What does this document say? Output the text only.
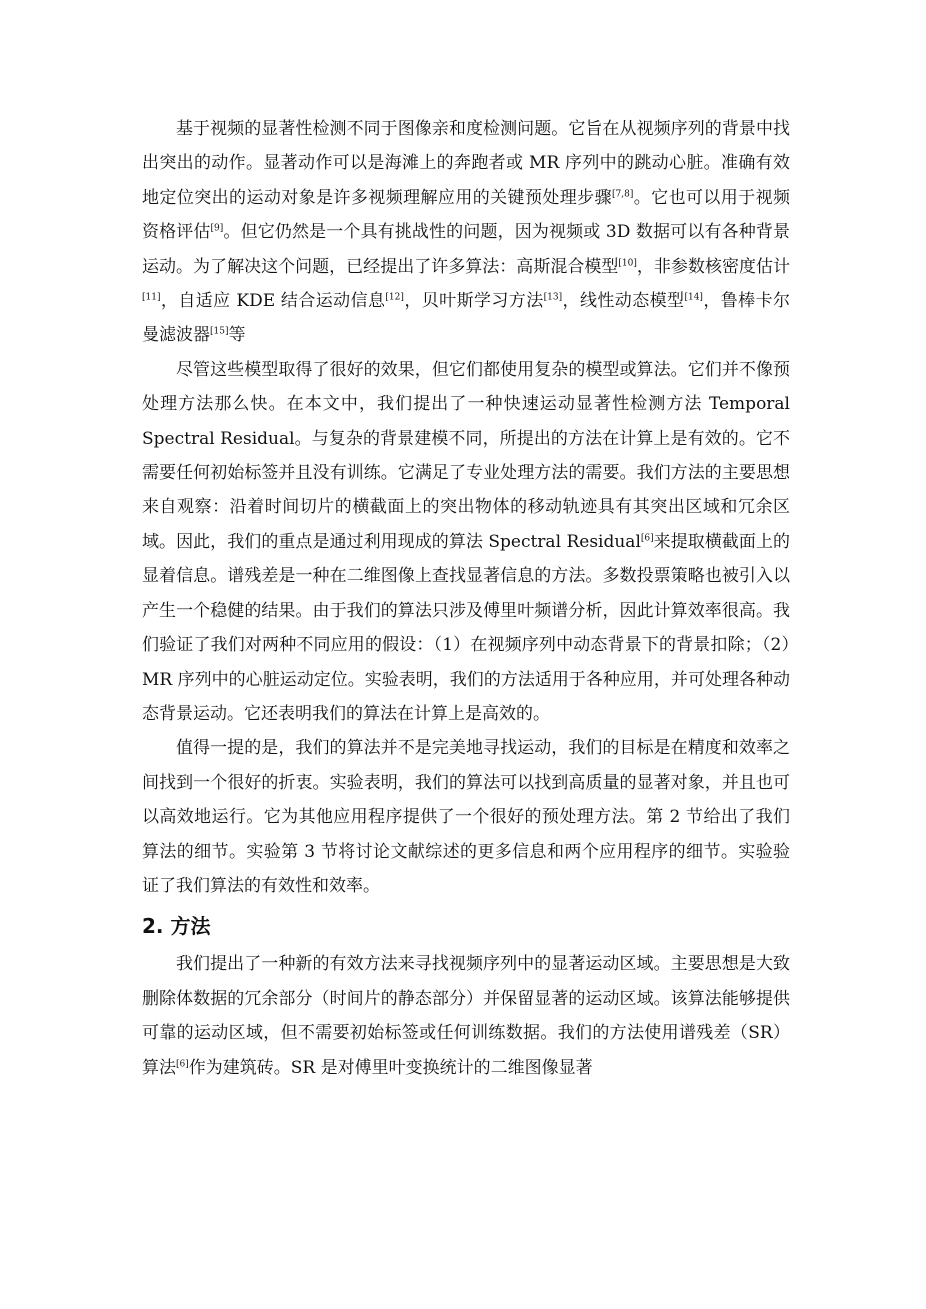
基于视频的显著性检测不同于图像亲和度检测问题。它旨在从视频序列的背景中找出突出的动作。显著动作可以是海滩上的奔跑者或 MR 序列中的跳动心脏。准确有效地定位突出的运动对象是许多视频理解应用的关键预处理步骤[7,8]。它也可以用于视频资格评估[9]。但它仍然是一个具有挑战性的问题，因为视频或 3D 数据可以有各种背景运动。为了解决这个问题，已经提出了许多算法：高斯混合模型[10]，非参数核密度估计[11]，自适应 KDE 结合运动信息[12]，贝叶斯学习方法[13]，线性动态模型[14]，鲁棒卡尔曼滤波器[15]等

尽管这些模型取得了很好的效果，但它们都使用复杂的模型或算法。它们并不像预处理方法那么快。在本文中，我们提出了一种快速运动显著性检测方法 Temporal Spectral Residual。与复杂的背景建模不同，所提出的方法在计算上是有效的。它不需要任何初始标签并且没有训练。它满足了专业处理方法的需要。我们方法的主要思想来自观察：沿着时间切片的横截面上的突出物体的移动轨迹具有其突出区域和冗余区域。因此，我们的重点是通过利用现成的算法 Spectral Residual[6]来提取横截面上的显着信息。谱残差是一种在二维图像上查找显著信息的方法。多数投票策略也被引入以产生一个稳健的结果。由于我们的算法只涉及傅里叶频谱分析，因此计算效率很高。我们验证了我们对两种不同应用的假设：（1）在视频序列中动态背景下的背景扣除；（2）MR 序列中的心脏运动定位。实验表明，我们的方法适用于各种应用，并可处理各种动态背景运动。它还表明我们的算法在计算上是高效的。

值得一提的是，我们的算法并不是完美地寻找运动，我们的目标是在精度和效率之间找到一个很好的折衷。实验表明，我们的算法可以找到高质量的显著对象，并且也可以高效地运行。它为其他应用程序提供了一个很好的预处理方法。第 2 节给出了我们算法的细节。实验第 3 节将讨论文献综述的更多信息和两个应用程序的细节。实验验证了我们算法的有效性和效率。

2. 方法

我们提出了一种新的有效方法来寻找视频序列中的显著运动区域。主要思想是大致删除体数据的冗余部分（时间片的静态部分）并保留显著的运动区域。该算法能够提供可靠的运动区域，但不需要初始标签或任何训练数据。我们的方法使用谱残差（SR）算法[6]作为建筑砖。SR 是对傅里叶变换统计的二维图像显著
